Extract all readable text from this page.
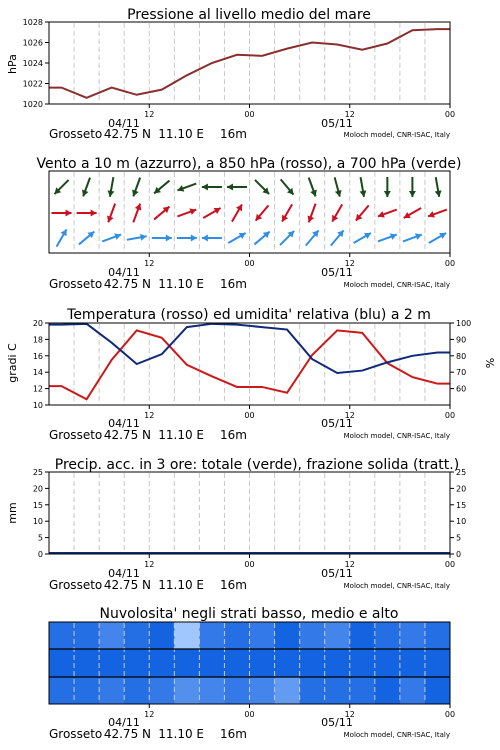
Pressione al livello medio del mare
hPa
1020
1022
1024
1026
1028
12	00	12	00
04/11	05/11
Grosseto 42.75 N 11.10 E 16m	Moloch model, CNR-ISAC, Italy
Vento a 10 m (azzurro), a 850 hPa (rosso), a 700 hPa (verde)
12	00	12	00
04/11	05/11
Grosseto 42.75 N 11.10 E 16m	Moloch model, CNR-ISAC, Italy
Temperatura (rosso) ed umidita' relativa (blu) a 2 m
gradi C	%
10
12
14
16
18
20
60
70
80
90
100
12	00	12	00
04/11	05/11
Grosseto 42.75 N 11.10 E 16m	Moloch model, CNR-ISAC, Italy
Precip. acc. in 3 ore: totale (verde), frazione solida (tratt.)
mm
0
5
10
15
20
25
0
5
10
15
20
25
12	00	12	00
04/11	05/11
Grosseto 42.75 N 11.10 E 16m	Moloch model, CNR-ISAC, Italy
Nuvolosita' negli strati basso, medio e alto
12	00	12	00
04/11	05/11
Grosseto 42.75 N 11.10 E 16m	Moloch model, CNR-ISAC, Italy
